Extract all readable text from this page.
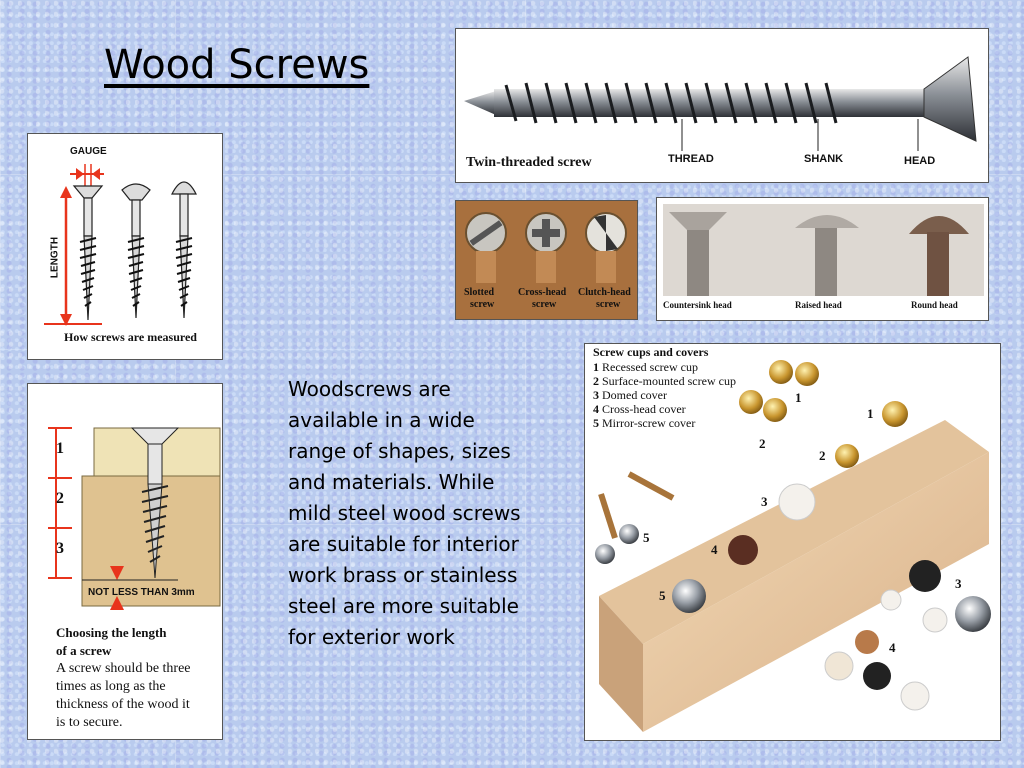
Wood Screws
GAUGE
LENGTH
How screws are measured
Twin-threaded screw	THREAD	SHANK	HEAD
Slotted
screw
Cross-head
screw
Clutch-head
screw	Countersink head	Raised head	Round head
1
2
3
NOT LESS THAN 3mm
Choosing the length
of a screw
A screw should be three
times as long as the
thickness of the wood it
is to secure.

Woodscrews are available in a wide range of shapes, sizes and materials. While mild steel wood screws are suitable for interior work brass or stainless steel are more suitable for exterior work

Screw cups and covers
1 Recessed screw cup
2 Surface-mounted screw cup
3 Domed cover
4 Cross-head cover
5 Mirror-screw cover
1
2
1
2
3
4
5
5
3
4
